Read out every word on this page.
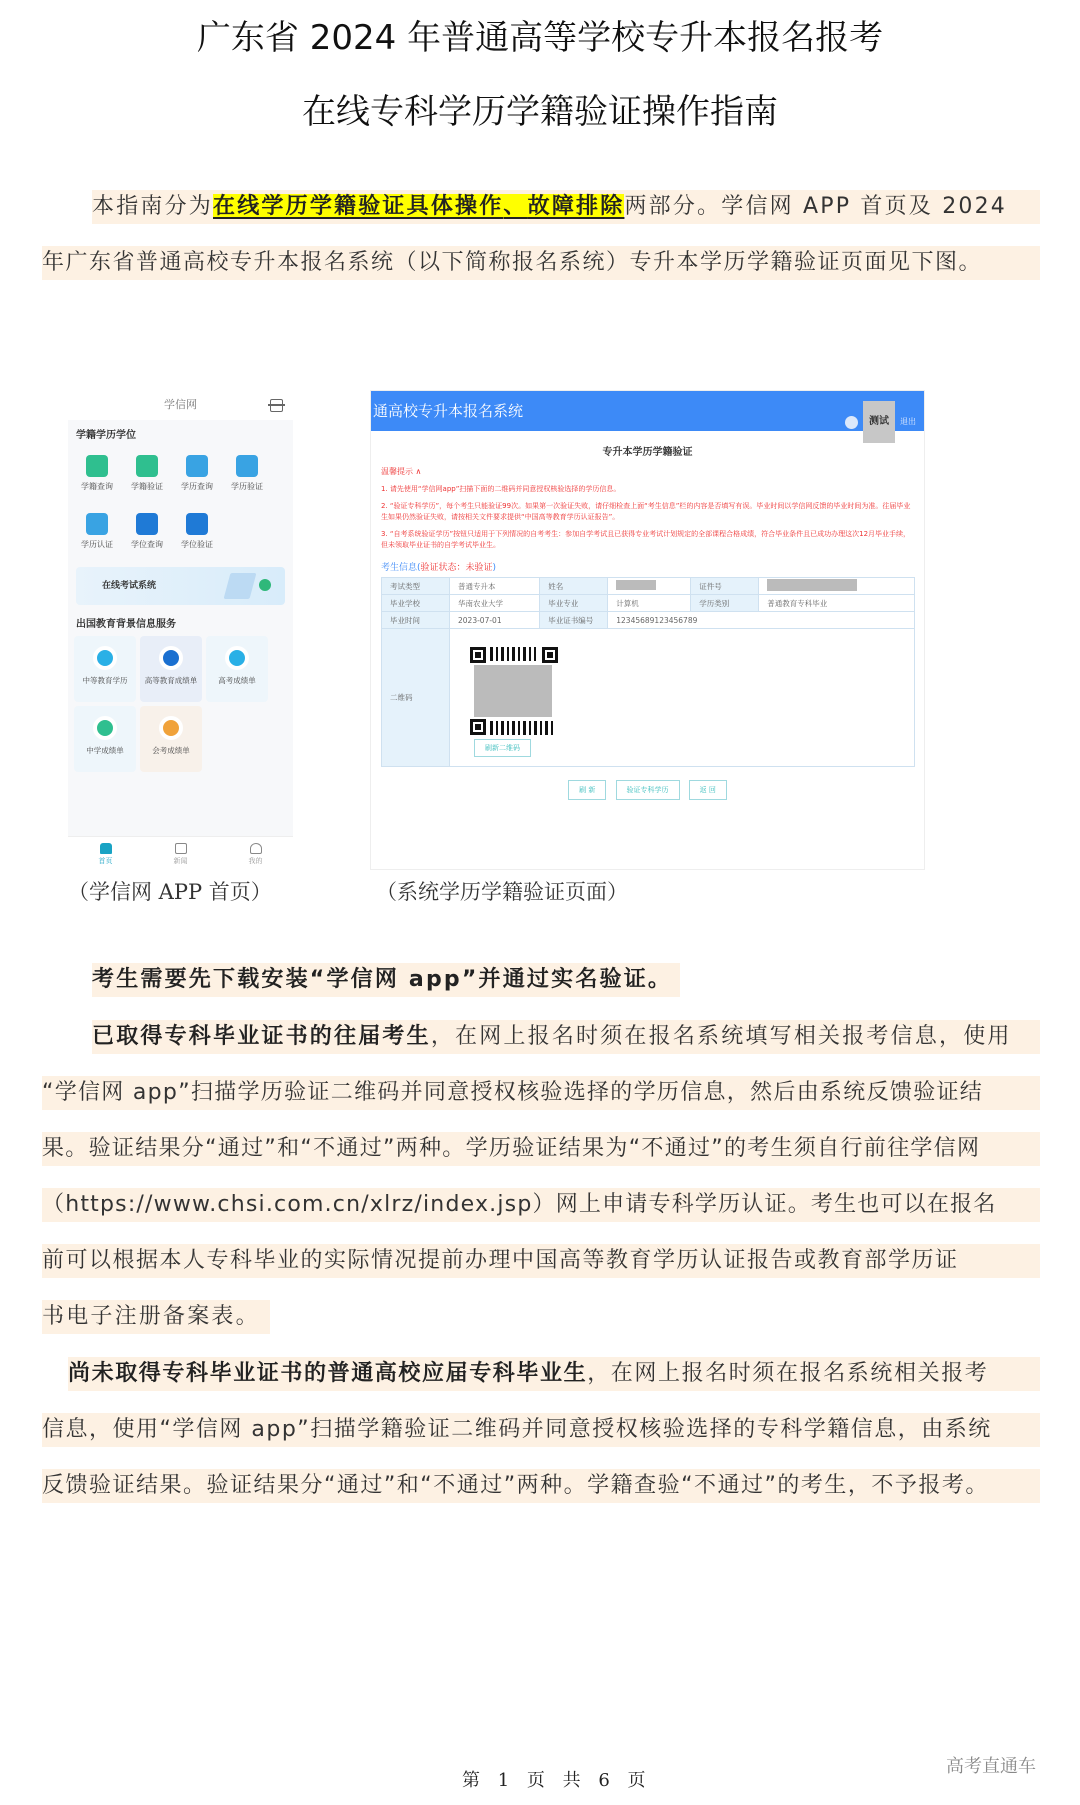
广东省 2024 年普通高等学校专升本报名报考
在线专科学历学籍验证操作指南
本指南分为在线学历学籍验证具体操作、故障排除两部分。学信网 APP 首页及 2024
年广东省普通高校专升本报名系统（以下简称报名系统）专升本学历学籍验证页面见下图。
学信网
学籍学历学位
学籍查询	学籍验证	学历查询	学历验证
学历认证	学位查询	学位验证
在线考试系统
出国教育背景信息服务
中等教育学历	高等教育成绩单	高考成绩单
中学成绩单	会考成绩单
首页	新闻	我的
通高校专升本报名系统
测试	退出
专升本学历学籍验证
温馨提示 ∧
1. 请先使用“学信网app”扫描下面的二维码并同意授权核验选择的学历信息。
2. “验证专科学历”，每个考生只能验证99次。如果第一次验证失败，请仔细检查上面“考生信息”栏的内容是否填写有误。毕业时间以学信网反馈的毕业时间为准。往届毕业生如果仍然验证失败，请按相关文件要求提供“中国高等教育学历认证报告”。
3. “自考系统验证学历”按钮只适用于下列情况的自考考生：参加自学考试且已获得专业考试计划规定的全部课程合格成绩，符合毕业条件且已成功办理这次12月毕业手续，但未领取毕业证书的自学考试毕业生。
考生信息(验证状态：未验证)
考试类型	普通专升本	姓名		证件号	
毕业学校	华南农业大学	毕业专业	计算机	学历类别	普通教育专科毕业
毕业时间	2023-07-01	毕业证书编号	12345689123456789		
二维码	刷新二维码				
刷 新	验证专科学历	返 回
（学信网 APP 首页）	（系统学历学籍验证页面）
考生需要先下载安装“学信网 app”并通过实名验证。
已取得专科毕业证书的往届考生，在网上报名时须在报名系统填写相关报考信息，使用
“学信网 app”扫描学历验证二维码并同意授权核验选择的学历信息，然后由系统反馈验证结
果。验证结果分“通过”和“不通过”两种。学历验证结果为“不通过”的考生须自行前往学信网
（https://www.chsi.com.cn/xlrz/index.jsp）网上申请专科学历认证。考生也可以在报名
前可以根据本人专科毕业的实际情况提前办理中国高等教育学历认证报告或教育部学历证
书电子注册备案表。
尚未取得专科毕业证书的普通高校应届专科毕业生，在网上报名时须在报名系统相关报考
信息，使用“学信网 app”扫描学籍验证二维码并同意授权核验选择的专科学籍信息，由系统
反馈验证结果。验证结果分“通过”和“不通过”两种。学籍查验“不通过”的考生，不予报考。
高考直通车
第 1 页 共 6 页
